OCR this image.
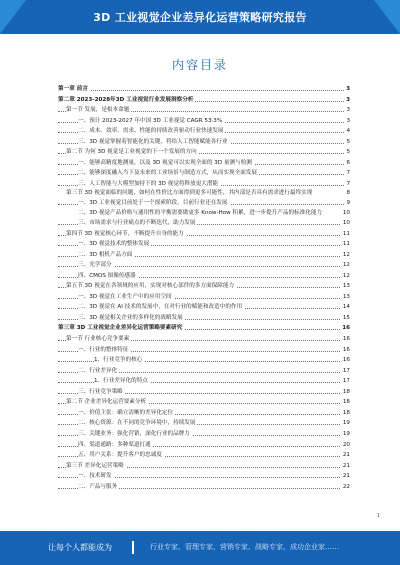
3D 工业视觉企业差异化运营策略研究报告
内容目录
第一章 前言	3
第二章 2023-2028年3D 工业视觉行业发展洞察分析	3
第一节 发展，是根本命题	3
一、预计 2023-2027 年中国 3D 工业视觉 CAGR 53.3%	3
二、成本、效率、需求、性能的持续改善驱动行业快速发展	4
三、3D 视觉掌握着智能化的关键，将给人工智能赋能各行业	5
第二节 为何 3D 视觉是工业视觉的下一个发展的方向	5
一、能够高精度地测量，以及 3D 视觉可以实现全面的 3D 量测与检测	6
二、能够深度融入当下及未来的工业场景与制造方式，从而实现全面发展	7
三、人工智能与大模型加持下的 3D 视觉将释放更大潜能	7
第三节 3D 视觉面临的问题，如何在性价比方面得到更多可能性，其内部是否具有需求进行最终实现	8
一、3D 工业视觉目前处于一个探索阶段，目前行业还在发展	9
二、3D 视觉产品价格与通用性的平衡需要做更多 Know-How 积累，进一步提升产品的标准化能力	10
三、市场需求与行业痛点的不断迭代，助力发展	10
第四节 3D 视觉核心环节，不断提升自身的能力	11
一、3D 视觉技术的整体发展	11
二、3D 相机产品方面	12
三、光学部分	12
四、CMOS 图像传感器	12
第五节 3D 视觉在各领域的应用，实现对核心部件的多方面保障能力	13
一、3D 视觉在工业生产中的应用空间	13
二、3D 视觉在 AI 技术的发展中，在对行业的赋能和改造中的作用	14
三、3D 视觉相关企业的多样化的战略发展	15
第三章 3D 工业视觉企业差异化运营策略要素研究	16
第一节 行业核心竞争要素	16
一、行业的整体特征	16
1、行业竞争的核心	16
二、行业差异化	17
1、行业差异化的特点	17
三、行业竞争策略	18
第二节 企业差异化运营要素分析	18
一、价值主张：确立清晰的差异化定位	18
二、核心资源：在不同的竞争环境中，持续发展	19
三、关键业务：强化营销，深化行业的品牌力	19
四、渠道通路：多种渠道打通	20
五、用户关系：提升客户的忠诚度	21
第三节 差异化运营策略	21
一、技术研发	21
二、产品与服务	22
1
让每个人都能成为	行业专家、管理专家、营销专家、战略专家、成功企业家……
